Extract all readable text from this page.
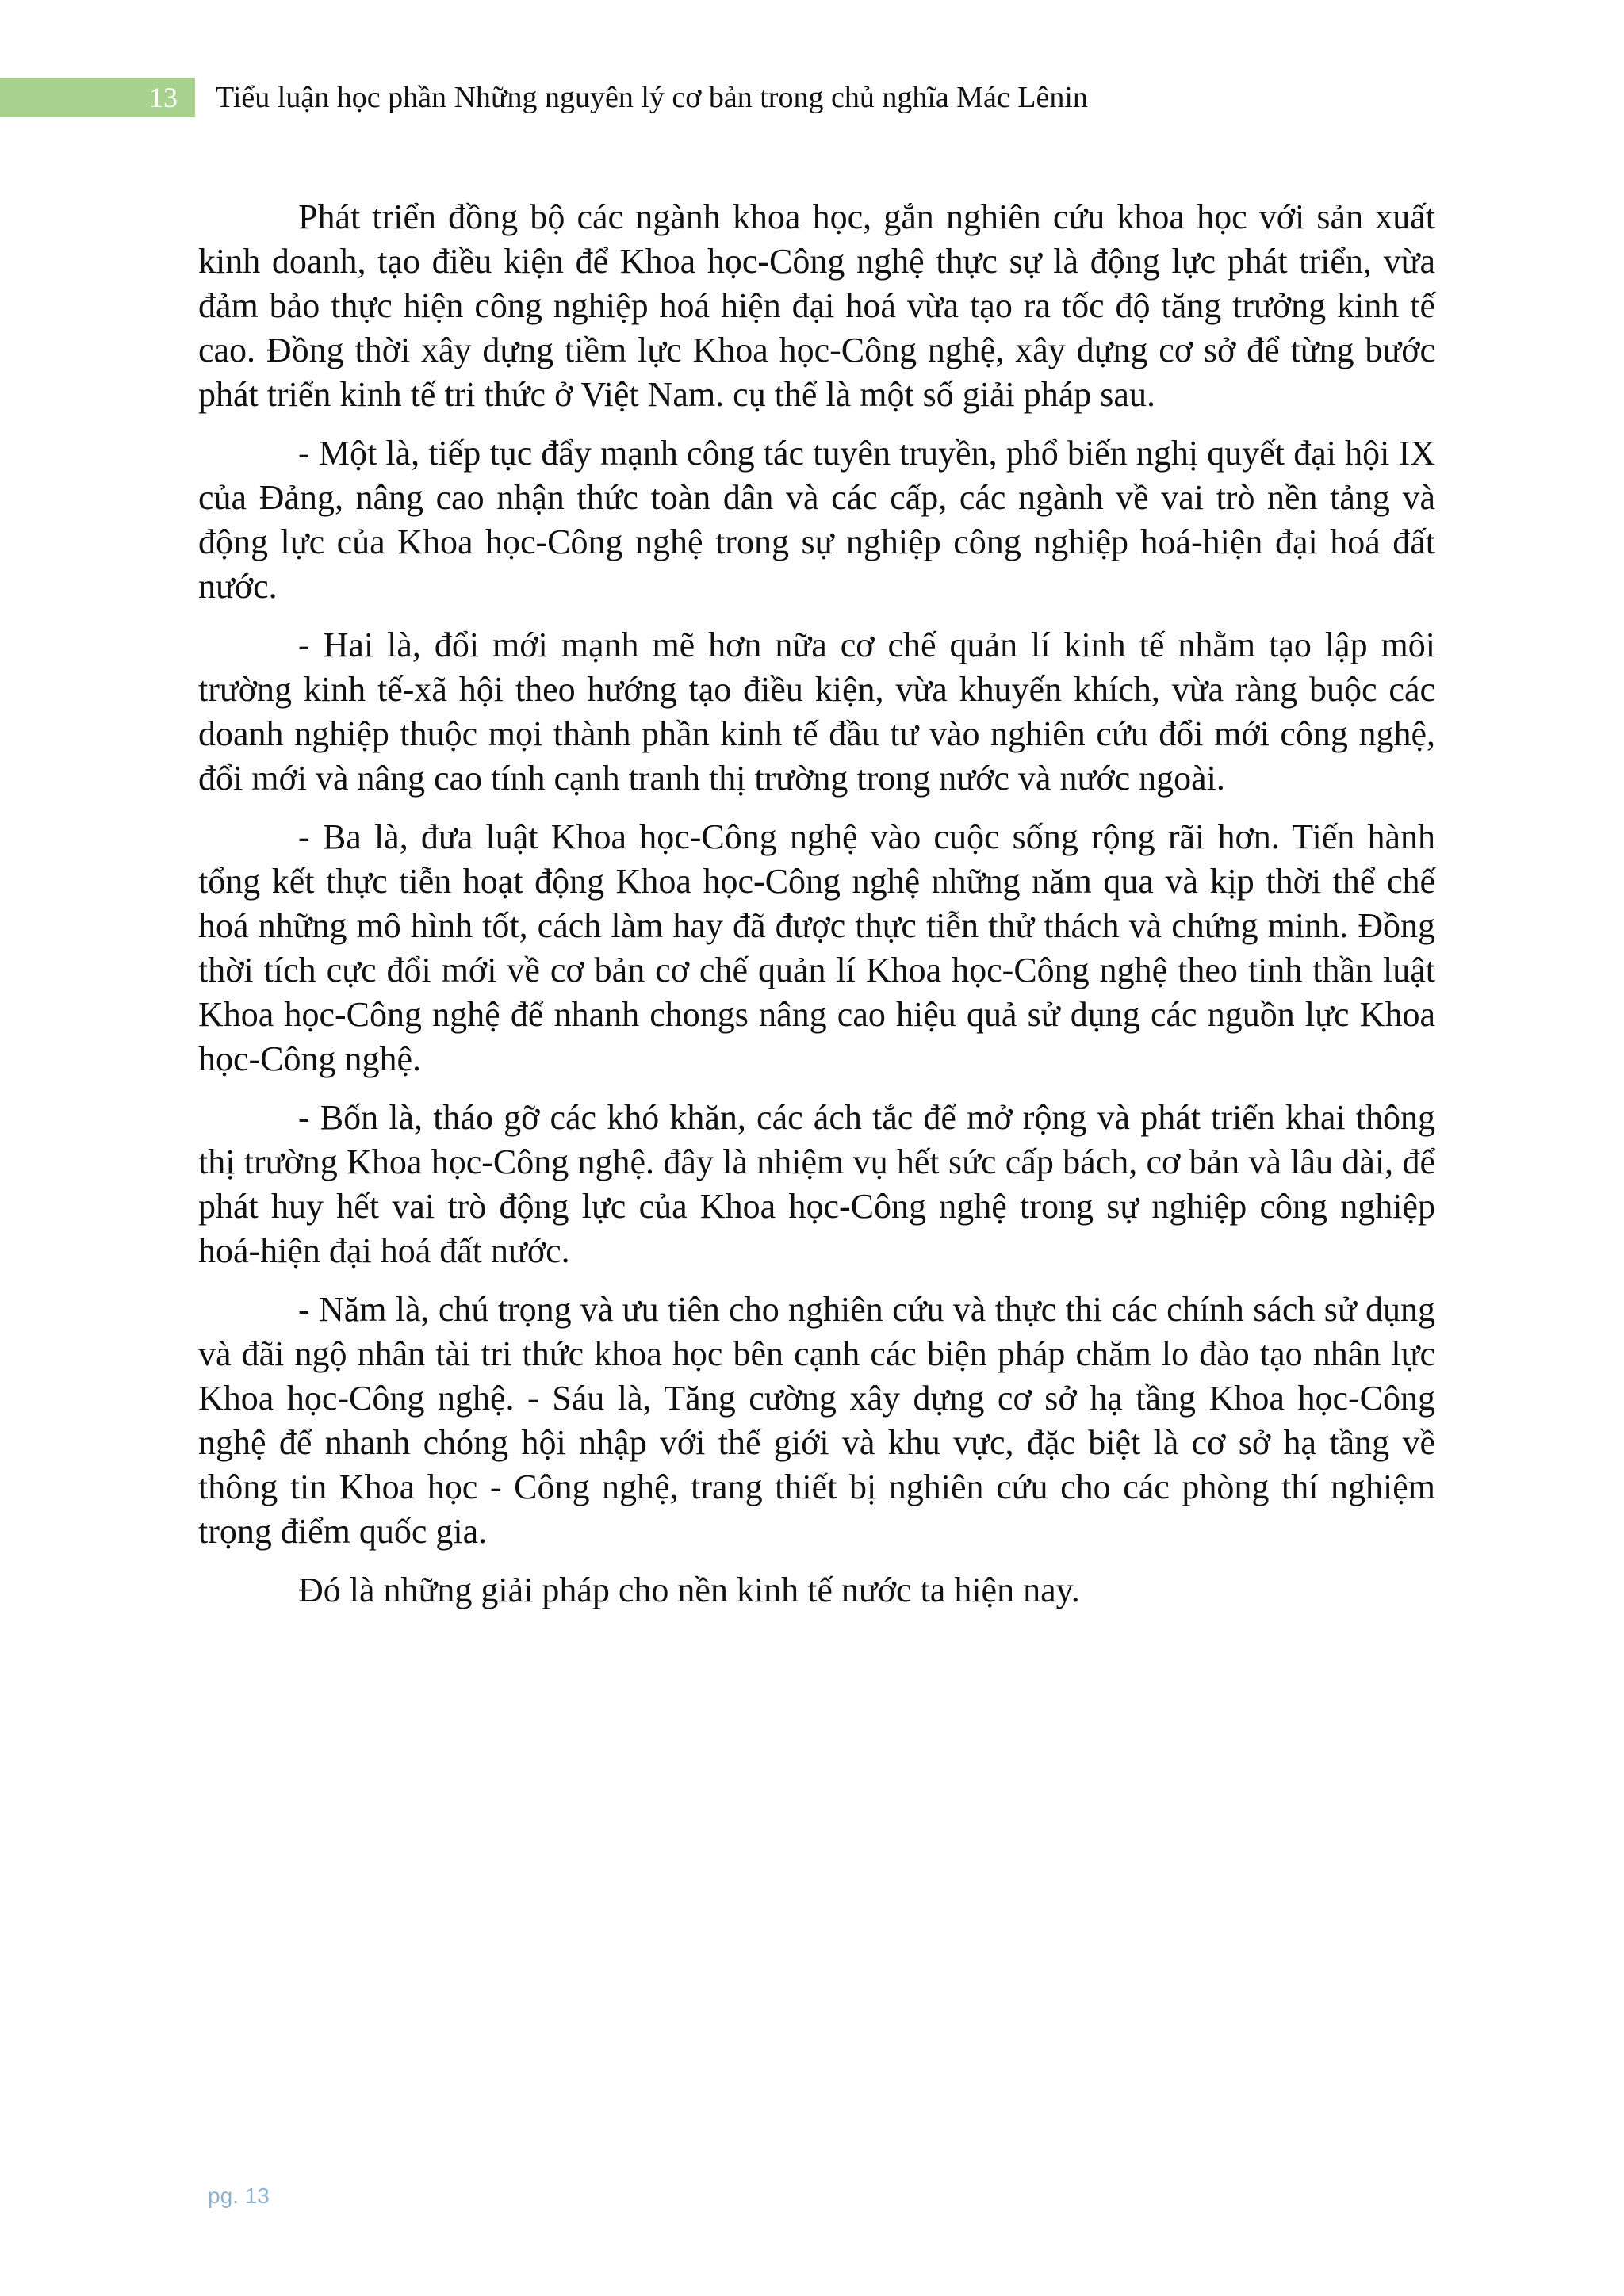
13	Tiểu luận học phần Những nguyên lý cơ bản trong chủ nghĩa Mác Lênin

Phát triển đồng bộ các ngành khoa học, gắn nghiên cứu khoa học với sản xuất kinh doanh, tạo điều kiện để Khoa học-Công nghệ thực sự là động lực phát triển, vừa đảm bảo thực hiện công nghiệp hoá hiện đại hoá vừa tạo ra tốc độ tăng trưởng kinh tế cao. Đồng thời xây dựng tiềm lực Khoa học-Công nghệ, xây dựng cơ sở để từng bước phát triển kinh tế tri thức ở Việt Nam. cụ thể là một số giải pháp sau.

- Một là, tiếp tục đẩy mạnh công tác tuyên truyền, phổ biến nghị quyết đại hội IX của Đảng, nâng cao nhận thức toàn dân và các cấp, các ngành về vai trò nền tảng và động lực của Khoa học-Công nghệ trong sự nghiệp công nghiệp hoá-hiện đại hoá đất nước.

- Hai là, đổi mới mạnh mẽ hơn nữa cơ chế quản lí kinh tế nhằm tạo lập môi trường kinh tế-xã hội theo hướng tạo điều kiện, vừa khuyến khích, vừa ràng buộc các doanh nghiệp thuộc mọi thành phần kinh tế đầu tư vào nghiên cứu đổi mới công nghệ, đổi mới và nâng cao tính cạnh tranh thị trường trong nước và nước ngoài.

- Ba là, đưa luật Khoa học-Công nghệ vào cuộc sống rộng rãi hơn. Tiến hành tổng kết thực tiễn hoạt động Khoa học-Công nghệ những năm qua và kịp thời thể chế hoá những mô hình tốt, cách làm hay đã được thực tiễn thử thách và chứng minh. Đồng thời tích cực đổi mới về cơ bản cơ chế quản lí Khoa học-Công nghệ theo tinh thần luật Khoa học-Công nghệ để nhanh chongs nâng cao hiệu quả sử dụng các nguồn lực Khoa học-Công nghệ.

- Bốn là, tháo gỡ các khó khăn, các ách tắc để mở rộng và phát triển khai thông thị trường Khoa học-Công nghệ. đây là nhiệm vụ hết sức cấp bách, cơ bản và lâu dài, để phát huy hết vai trò động lực của Khoa học-Công nghệ trong sự nghiệp công nghiệp hoá-hiện đại hoá đất nước.

- Năm là, chú trọng và ưu tiên cho nghiên cứu và thực thi các chính sách sử dụng và đãi ngộ nhân tài tri thức khoa học bên cạnh các biện pháp chăm lo đào tạo nhân lực Khoa học-Công nghệ. - Sáu là, Tăng cường xây dựng cơ sở hạ tầng Khoa học-Công nghệ để nhanh chóng hội nhập với thế giới và khu vực, đặc biệt là cơ sở hạ tầng về thông tin Khoa học - Công nghệ, trang thiết bị nghiên cứu cho các phòng thí nghiệm trọng điểm quốc gia.

Đó là những giải pháp cho nền kinh tế nước ta hiện nay.

pg. 13
